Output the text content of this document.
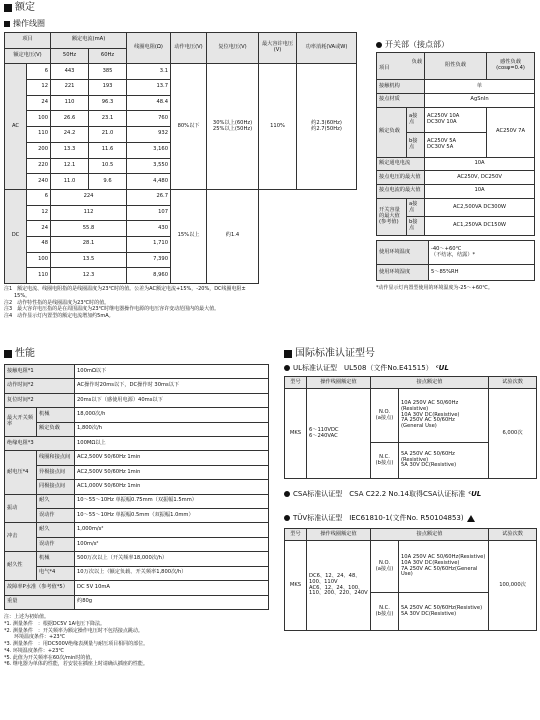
额定
操作线圈
项目		额定电流(mA)		线圈电阻(Ω)	动作电压(V)	复位电压(V)	最大容许电压(V)	功率消耗(VA或W)
额定电压(V)		50Hz	60Hz					
AC	6	443	385	3.1	80%以下	30%以上(60Hz)
25%以上(50Hz)	110%	约2.3(60Hz)
约2.7(50Hz)
	12	221	193	13.7				
	24	110	96.3	48.4				
	100	26.6	23.1	760				
	110	24.2	21.0	932				
	200	13.3	11.6	3,160				
	220	12.1	10.5	3,550				
	240	11.0	9.6	4,480				
DC	6	224		26.7	15%以上	约1.4		
	12	112		107				
	24	55.8		430				
	48	28.1		1,710				
	100	13.5		7,390				
	110	12.3		8,960				
注1　额定电流、线圈电阻指的是线圈温度为23℃时的值。公差为AC额定电流+15%，-20%，DC线圈电阻±
　　15%。
注2　动作特性指的是线圈温度为23℃时的值。
注3　最大容许电压指的是在周围温度为23℃时继电器操作电源的电压容许变动范围内的最大值。
注4　动作显示灯内置型的额定电流增加约5mA。
开关部（接点部）
负载
项目		阻性负载	感性负载(cosφ=0.4)
接触机构		单	
接点材质		AgSnIn	
额定负载	a接点	AC250V 10A
DC30V 10A	AC250V 7A
	b接点	AC250V 5A
DC30V 5A	
额定通电电流		10A	
接点电压的最大值		AC250V, DC250V	
接点电流的最大值		10A	
开关容量的最大值(参考值)	a接点	AC2,500VA DC300W	
	b接点	AC1,250VA DC150W	
使用环境温度	-40～+60℃
（不结冰，结露）*
使用环境湿度	5～85%RH
*动作显示灯内置型使用的环境温度为-25～+60℃。
性能
接触电阻*1		100mΩ以下
动作时间*2		AC操作时20ms以下，DC操作时 30ms以下
复位时间*2		20ms以下（感使用电源）40ms以下
最大开关频率	机械	18,000次/h
	额定负载	1,800次/h
绝缘电阻*3		100MΩ以上
耐电压*4	线圈和接点间	AC2,500V 50/60Hz 1min
	异极接点间	AC2,500V 50/60Hz 1min
	同极接点间	AC1,000V 50/60Hz 1min
振动	耐久	10～55～10Hz 单振幅0.75mm（双振幅1.5mm）
	误动作	10～55～10Hz 单振幅0.5mm（双振幅1.0mm）
冲击	耐久	1,000m/s²
	误动作	100m/s²
耐久性	机械	500万次以上（开关频率18,000次/h）
	电气*4	10万次以上（额定负载、开关频率1,800次/h）
故障率P水准（参考值*5）		DC 5V 10mA
重量		约80g
注：上述为初始值。
*1. 测量条件　：根据DC5V 1A电压下降法。
*2. 测量条件　：开关频率为额定操作电压时不包括接点跳动。
　　环境温度条件：+23℃
*3. 测量条件　：用DC500V绝缘表测量与耐压项目相同的部位。
*4. 环境温度条件：+23℃
*5. 此值为开关频率在60次/min时的值。
*6. 继电器为单体的性能，若安装在插座上时请确认插座的性能。
国际标准认证型号
UL标准认证型　UL508（文件No.E41515） ᶜUL
型号	操作线圈额定值	接点额定值		试验次数
MKS	6～110VDC
6～240VAC	N.O.
(a接点)	10A 250V AC 50/60Hz
(Resistive)
10A 30V DC(Resistive)
7A 250V AC 50/60Hz
(General Use)	6,000次
		N.C.
(b接点)	5A 250V AC 50/60Hz
(Resistive)
5A 30V DC(Resistive)	
CSA标准认证型　CSA C22.2 No.14取得CSA认证标准 ᶜUL
TÜV标准认证型　IEC61810-1(文件No. R50104853)
型号	操作线圈额定值	接点额定值		试验次数
MKS	DC6、12、24、48、100、110V
AC6、12、24、100、110、200、220、240V	N.O.
(a接点)	10A 250V AC 50/60Hz(Resistive)
10A 30V DC(Resistive)
7A 250V AC 50/60Hz(General Use)	100,000次
		N.C.
(b接点)	5A 250V AC 50/60Hz(Resistive)
5A 30V DC(Resistive)	
